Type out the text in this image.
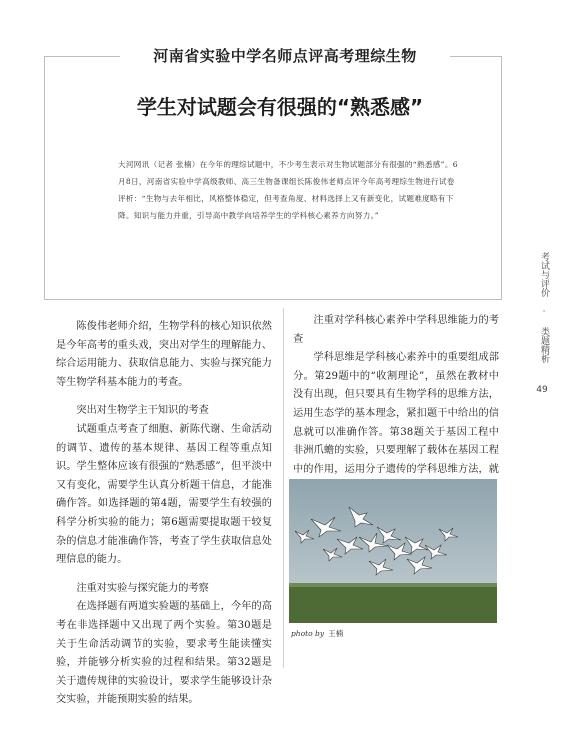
河南省实验中学名师点评高考理综生物
学生对试题会有很强的“熟悉感”
大河网讯（记者 张楠）在今年的理综试题中，不少考生表示对生物试题部分有很强的“熟悉感”。6月8日，河南省实验中学高级教师、高三生物备课组长陈俊伟老师点评今年高考理综生物进行试卷评析：“生物与去年相比，风格整体稳定，但考查角度、材料选择上又有新变化，试题难度略有下降。知识与能力并重，引导高中教学向培养学生的学科核心素养方向努力。”
考试与评价 · 类题精析
49

陈俊伟老师介绍，生物学科的核心知识依然是今年高考的重头戏，突出对学生的理解能力、综合运用能力、获取信息能力、实验与探究能力等生物学科基本能力的考查。

突出对生物学主干知识的考查

试题重点考查了细胞、新陈代谢、生命活动的调节、遗传的基本规律、基因工程等重点知识。学生整体应该有很强的“熟悉感”，但平淡中又有变化，需要学生认真分析题干信息，才能准确作答。如选择题的第4题，需要学生有较强的科学分析实验的能力；第6题需要提取题干较复杂的信息才能准确作答，考查了学生获取信息处理信息的能力。

注重对实验与探究能力的考察

在选择题有两道实验题的基础上，今年的高考在非选择题中又出现了两个实验。第30题是关于生命活动调节的实验，要求考生能读懂实验，并能够分析实验的过程和结果。第32题是关于遗传规律的实验设计，要求学生能够设计杂交实验，并能预期实验的结果。

注重对学科核心素养中学科思维能力的考查

学科思维是学科核心素养中的重要组成部分。第29题中的“收割理论”，虽然在教材中没有出现，但只要具有生物学科的思维方法，运用生态学的基本理念，紧扣题干中给出的信息就可以准确作答。第38题关于基因工程中非洲爪蟾的实验，只要理解了载体在基因工程中的作用，运用分子遗传的学科思维方法，就

photo by 王楠
